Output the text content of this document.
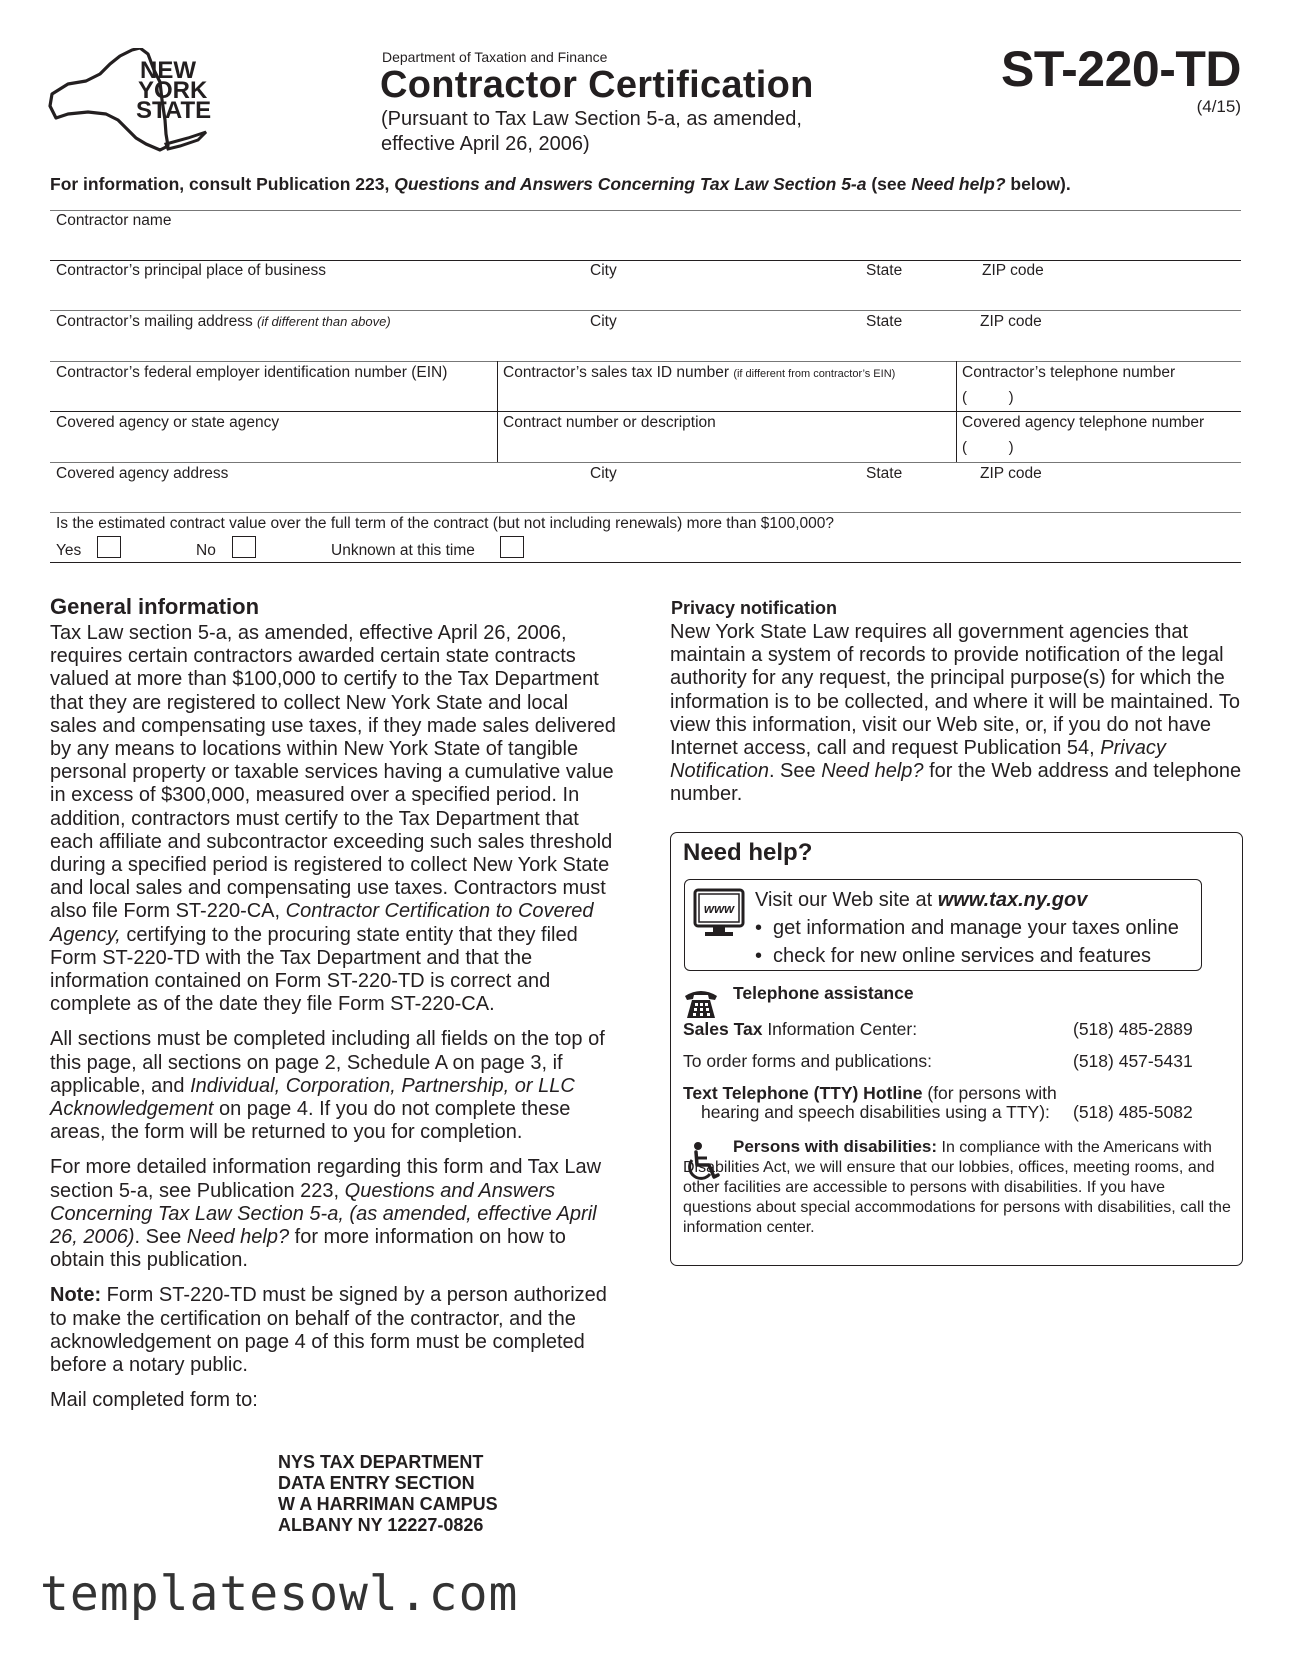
NEW
YORK
STATE
Department of Taxation and Finance
Contractor Certification
(Pursuant to Tax Law Section 5-a, as amended,
effective April 26, 2006)
ST-220-TD
(4/15)
For information, consult Publication 223, Questions and Answers Concerning Tax Law Section 5-a (see Need help? below).
Contractor name
Contractor’s principal place of business	City	State	ZIP code
Contractor’s mailing address (if different than above)	City	State	ZIP code
Contractor’s federal employer identification number (EIN)	Contractor’s sales tax ID number (if different from contractor’s EIN)	Contractor’s telephone number
(          )
Covered agency or state agency	Contract number or description	Covered agency telephone number
(          )
Covered agency address	City	State	ZIP code
Is the estimated contract value over the full term of the contract (but not including renewals) more than $100,000?
Yes	No	Unknown at this time
General information

Tax Law section 5-a, as amended, effective April 26, 2006, requires certain contractors awarded certain state contracts valued at more than $100,000 to certify to the Tax Department that they are registered to collect New York State and local sales and compensating use taxes, if they made sales delivered by any means to locations within New York State of tangible personal property or taxable services having a cumulative value in excess of $300,000, measured over a specified period. In addition, contractors must certify to the Tax Department that each affiliate and subcontractor exceeding such sales threshold during a specified period is registered to collect New York State and local sales and compensating use taxes. Contractors must also file Form ST-220-CA, Contractor Certification to Covered Agency, certifying to the procuring state entity that they filed Form ST-220-TD with the Tax Department and that the information contained on Form ST-220-TD is correct and complete as of the date they file Form ST-220-CA.

All sections must be completed including all fields on the top of this page, all sections on page 2, Schedule A on page 3, if applicable, and Individual, Corporation, Partnership, or LLC Acknowledgement on page 4. If you do not complete these areas, the form will be returned to you for completion.

For more detailed information regarding this form and Tax Law section 5-a, see Publication 223, Questions and Answers Concerning Tax Law Section 5-a, (as amended, effective April 26, 2006). See Need help? for more information on how to obtain this publication.

Note: Form ST-220-TD must be signed by a person authorized to make the certification on behalf of the contractor, and the acknowledgement on page 4 of this form must be completed before a notary public.

Mail completed form to:

NYS TAX DEPARTMENT
DATA ENTRY SECTION
W A HARRIMAN CAMPUS
ALBANY NY 12227-0826
Privacy notification
New York State Law requires all government agencies that maintain a system of records to provide notification of the legal authority for any request, the principal purpose(s) for which the information is to be collected, and where it will be maintained. To view this information, visit our Web site, or, if you do not have Internet access, call and request Publication 54, Privacy Notification. See Need help? for the Web address and telephone number.
Need help?
www Visit our Web site at www.tax.ny.gov
• get information and manage your taxes online
• check for new online services and features
Telephone assistance
Sales Tax Information Center:	(518) 485-2889
To order forms and publications:	(518) 457-5431
Text Telephone (TTY) Hotline (for persons with
hearing and speech disabilities using a TTY): (518) 485-5082
Persons with disabilities: In compliance with the Americans with Disabilities Act, we will ensure that our lobbies, offices, meeting rooms, and other facilities are accessible to persons with disabilities. If you have questions about special accommodations for persons with disabilities, call the information center.
templatesowl.com
